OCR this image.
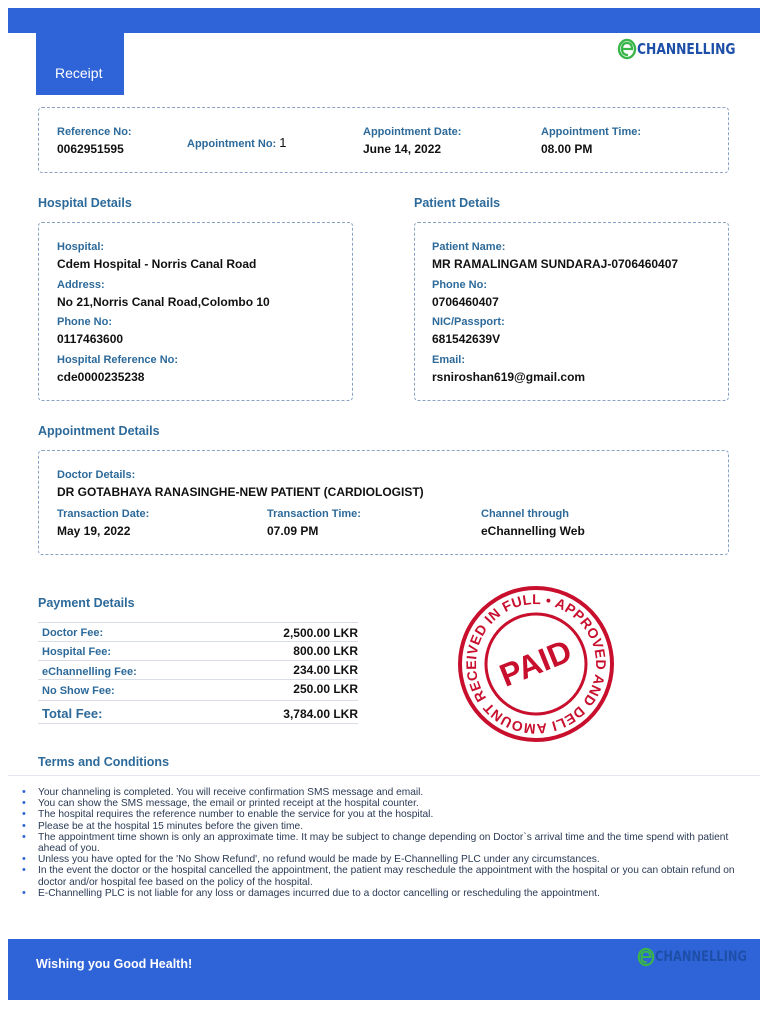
Receipt
CHANNELLING
Reference No:
0062951595	Appointment No: 1
Appointment Date:
June 14, 2022
Appointment Time:
08.00 PM
Hospital Details
Hospital:
Cdem Hospital - Norris Canal Road
Address:
No 21,Norris Canal Road,Colombo 10
Phone No:
0117463600
Hospital Reference No:
cde0000235238
Patient Details
Patient Name:
MR RAMALINGAM SUNDARAJ-0706460407
Phone No:
0706460407
NIC/Passport:
681542639V
Email:
rsniroshan619@gmail.com
Appointment Details
Doctor Details:
DR GOTABHAYA RANASINGHE-NEW PATIENT (CARDIOLOGIST)
Transaction Date:
May 19, 2022
Transaction Time:
07.09 PM
Channel through
eChannelling Web
Payment Details
Doctor Fee:	2,500.00 LKR
Hospital Fee:	800.00 LKR
eChannelling Fee:	234.00 LKR
No Show Fee:	250.00 LKR
Total Fee:	3,784.00 LKR
AMOUNT RECEIVED IN FULL • APPROVED AND DELIVERED
PAID
Terms and Conditions
• Your channeling is completed. You will receive confirmation SMS message and email.
• You can show the SMS message, the email or printed receipt at the hospital counter.
• The hospital requires the reference number to enable the service for you at the hospital.
• Please be at the hospital 15 minutes before the given time.
• The appointment time shown is only an approximate time. It may be subject to change depending on Doctor`s arrival time and the time spend with patient ahead of you.
• Unless you have opted for the 'No Show Refund', no refund would be made by E-Channelling PLC under any circumstances.
• In the event the doctor or the hospital cancelled the appointment, the patient may reschedule the appointment with the hospital or you can obtain refund on doctor and/or hospital fee based on the policy of the hospital.
• E-Channelling PLC is not liable for any loss or damages incurred due to a doctor cancelling or rescheduling the appointment.
Wishing you Good Health!	CHANNELLING
